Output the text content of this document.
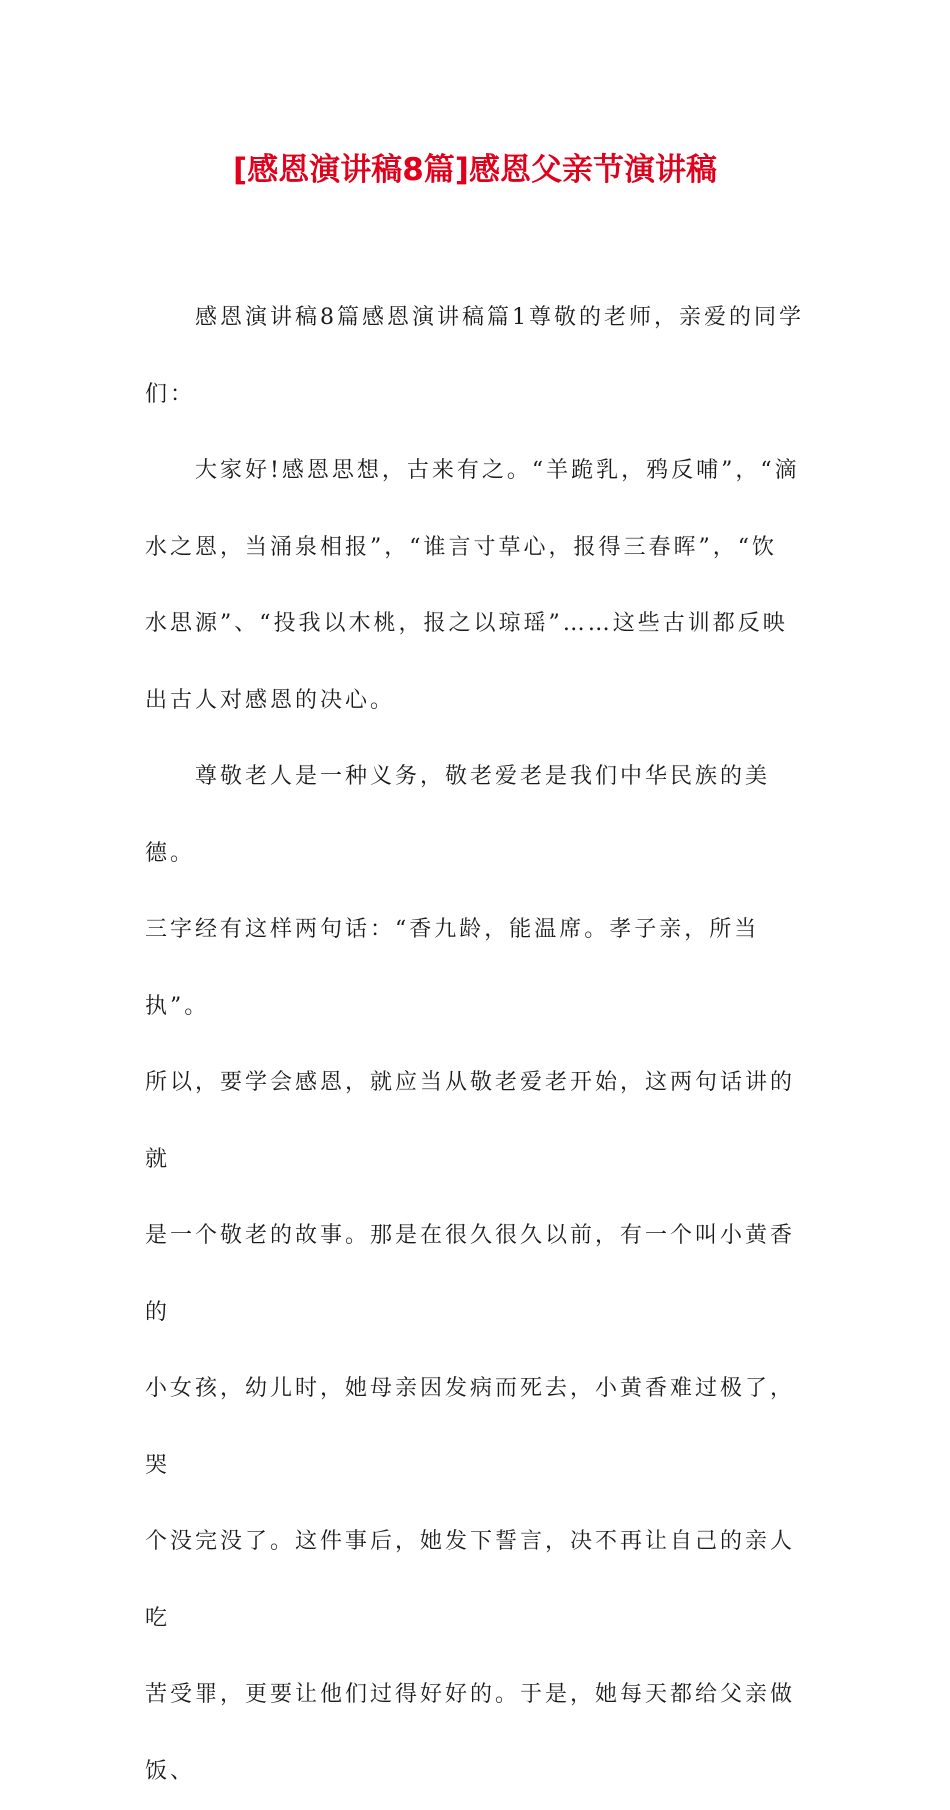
[感恩演讲稿8篇]感恩父亲节演讲稿

感恩演讲稿8篇感恩演讲稿篇1尊敬的老师，亲爱的同学
们：

大家好!感恩思想，古来有之。“羊跪乳，鸦反哺”，“滴
水之恩，当涌泉相报”，“谁言寸草心，报得三春晖”，“饮
水思源”、“投我以木桃，报之以琼瑶”……这些古训都反映
出古人对感恩的决心。

尊敬老人是一种义务，敬老爱老是我们中华民族的美德。
三字经有这样两句话：“香九龄，能温席。孝子亲，所当执”。
所以，要学会感恩，就应当从敬老爱老开始，这两句话讲的就
是一个敬老的故事。那是在很久很久以前，有一个叫小黄香的
小女孩，幼儿时，她母亲因发病而死去，小黄香难过极了，哭
个没完没了。这件事后，她发下誓言，决不再让自己的亲人吃
苦受罪，更要让他们过得好好的。于是，她每天都给父亲做饭、
